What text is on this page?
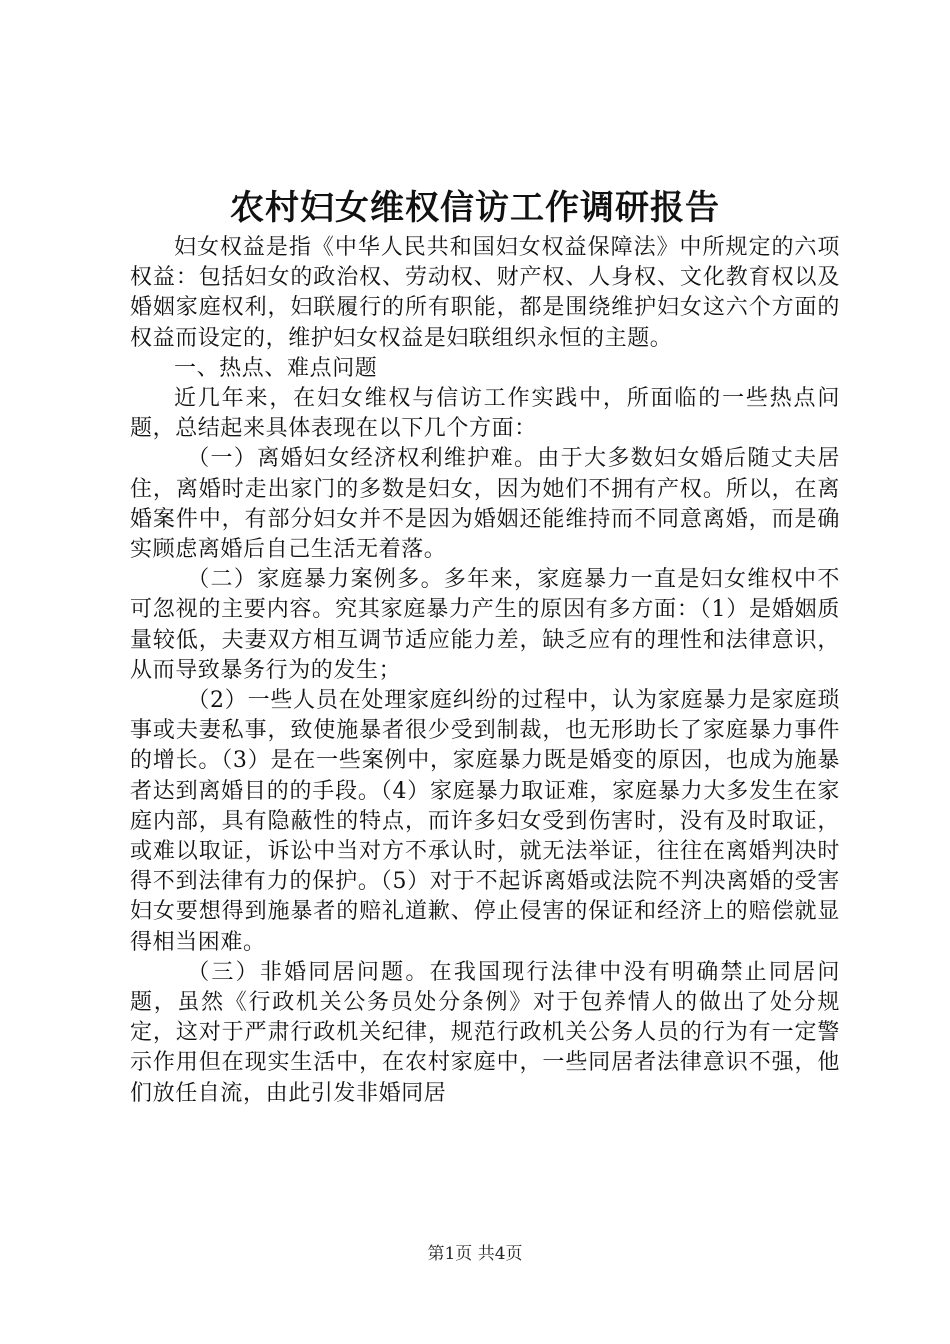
农村妇女维权信访工作调研报告

妇女权益是指《中华人民共和国妇女权益保障法》中所规定的六项权益：包括妇女的政治权、劳动权、财产权、人身权、文化教育权以及婚姻家庭权利，妇联履行的所有职能，都是围绕维护妇女这六个方面的权益而设定的，维护妇女权益是妇联组织永恒的主题。

一、热点、难点问题

近几年来，在妇女维权与信访工作实践中，所面临的一些热点问题，总结起来具体表现在以下几个方面：

（一）离婚妇女经济权利维护难。由于大多数妇女婚后随丈夫居住，离婚时走出家门的多数是妇女，因为她们不拥有产权。所以，在离婚案件中，有部分妇女并不是因为婚姻还能维持而不同意离婚，而是确实顾虑离婚后自己生活无着落。

（二）家庭暴力案例多。多年来，家庭暴力一直是妇女维权中不可忽视的主要内容。究其家庭暴力产生的原因有多方面：（1）是婚姻质量较低，夫妻双方相互调节适应能力差，缺乏应有的理性和法律意识，从而导致暴务行为的发生；

（2）一些人员在处理家庭纠纷的过程中，认为家庭暴力是家庭琐事或夫妻私事，致使施暴者很少受到制裁，也无形助长了家庭暴力事件的增长。（3）是在一些案例中，家庭暴力既是婚变的原因，也成为施暴者达到离婚目的的手段。（4）家庭暴力取证难，家庭暴力大多发生在家庭内部，具有隐蔽性的特点，而许多妇女受到伤害时，没有及时取证，或难以取证，诉讼中当对方不承认时，就无法举证，往往在离婚判决时得不到法律有力的保护。（5）对于不起诉离婚或法院不判决离婚的受害妇女要想得到施暴者的赔礼道歉、停止侵害的保证和经济上的赔偿就显得相当困难。

（三）非婚同居问题。在我国现行法律中没有明确禁止同居问题，虽然《行政机关公务员处分条例》对于包养情人的做出了处分规定，这对于严肃行政机关纪律，规范行政机关公务人员的行为有一定警示作用但在现实生活中，在农村家庭中，一些同居者法律意识不强，他们放任自流，由此引发非婚同居

第1页 共4页
